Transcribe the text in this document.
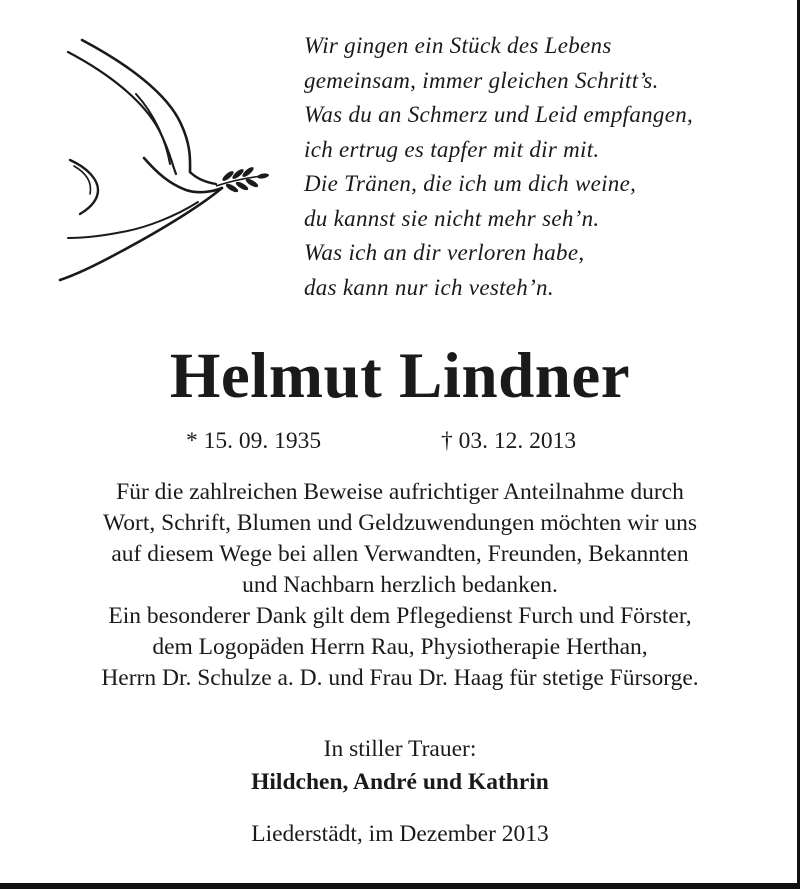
Wir gingen ein Stück des Lebens
gemeinsam, immer gleichen Schritt’s.
Was du an Schmerz und Leid empfangen,
ich ertrug es tapfer mit dir mit.
Die Tränen, die ich um dich weine,
du kannst sie nicht mehr seh’n.
Was ich an dir verloren habe,
das kann nur ich vesteh’n.
Helmut Lindner
* 15. 09. 1935	† 03. 12. 2013
Für die zahlreichen Beweise aufrichtiger Anteilnahme durch
Wort, Schrift, Blumen und Geldzuwendungen möchten wir uns
auf diesem Wege bei allen Verwandten, Freunden, Bekannten
und Nachbarn herzlich bedanken.
Ein besonderer Dank gilt dem Pflegedienst Furch und Förster,
dem Logopäden Herrn Rau, Physiotherapie Herthan,
Herrn Dr. Schulze a. D. und Frau Dr. Haag für stetige Fürsorge.
In stiller Trauer:
Hildchen, André und Kathrin
Liederstädt, im Dezember 2013
